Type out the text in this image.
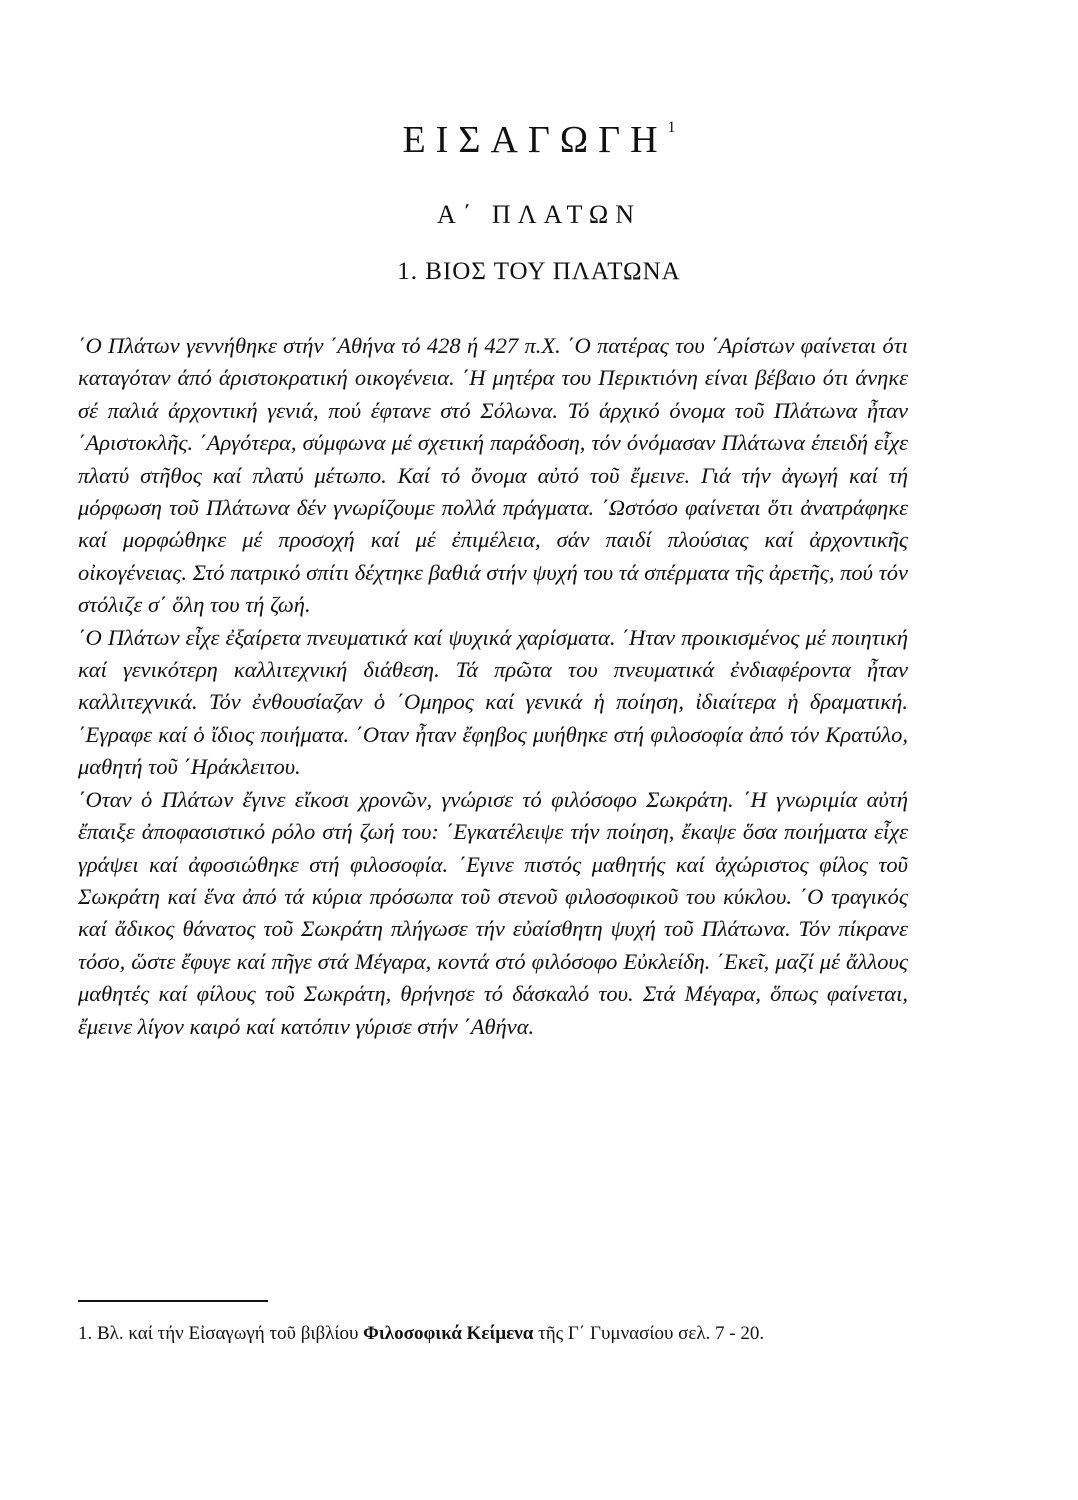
ΕΙΣΑΓΩΓΗ$^1$
Α΄ ΠΛΑΤΩΝ
1. ΒΙΟΣ ΤΟΥ ΠΛΑΤΩΝΑ

΄Ο Πλάτων γεννήθηκε στήν ΄Αθήνα τό 428 ή 427 π.Χ. ΄Ο πατέρας του ΄Αρίστων φαίνεται ότι καταγόταν άπό άριστοκρατική οικογένεια. ΄Η μητέρα του Περικτιόνη είναι βέβαιο ότι άνηκε σέ παλιά άρχοντική γενιά, πού έφτανε στό Σόλωνα. Τό άρχικό όνομα τοῦ Πλάτωνα ἦταν ΄Αριστοκλῆς. ΄Αργότερα, σύμφωνα μέ σχετική παράδοση, τόν όνόμασαν Πλάτωνα έπειδή εἶχε πλατύ στῆθος καί πλατύ μέτωπο. Καί τό ὄνομα αὐτό τοῦ ἔμεινε. Γιά τήν ἀγωγή καί τή μόρφωση τοῦ Πλάτωνα δέν γνωρίζουμε πολλά πράγματα. ΄Ωστόσο φαίνεται ὅτι ἀνατράφηκε καί μορφώθηκε μέ προσοχή καί μέ ἐπιμέλεια, σάν παιδί πλούσιας καί ἀρχοντικῆς οἰκογένειας. Στό πατρικό σπίτι δέχτηκε βαθιά στήν ψυχή του τά σπέρματα τῆς ἀρετῆς, πού τόν στόλιζε σ΄ ὅλη του τή ζωή.

΄Ο Πλάτων εἶχε ἐξαίρετα πνευματικά καί ψυχικά χαρίσματα. ΄Ηταν προικισμένος μέ ποιητική καί γενικότερη καλλιτεχνική διάθεση. Τά πρῶτα του πνευματικά ἐνδιαφέροντα ἦταν καλλιτεχνικά. Τόν ἐνθουσίαζαν ὁ ΄Ομηρος καί γενικά ἡ ποίηση, ἰδιαίτερα ἡ δραματική. ΄Εγραφε καί ὁ ἴδιος ποιήματα. ΄Οταν ἦταν ἔφηβος μυήθηκε στή φιλοσοφία ἀπό τόν Κρατύλο, μαθητή τοῦ ΄Ηράκλειτου.

΄Οταν ὁ Πλάτων ἔγινε εἴκοσι χρονῶν, γνώρισε τό φιλόσοφο Σωκράτη. ΄Η γνωριμία αὐτή ἔπαιξε ἀποφασιστικό ρόλο στή ζωή του: ΄Εγκατέλειψε τήν ποίηση, ἔκαψε ὅσα ποιήματα εἶχε γράψει καί ἀφοσιώθηκε στή φιλοσοφία. ΄Εγινε πιστός μαθητής καί ἀχώριστος φίλος τοῦ Σωκράτη καί ἕνα ἀπό τά κύρια πρόσωπα τοῦ στενοῦ φιλοσοφικοῦ του κύκλου. ΄Ο τραγικός καί ἄδικος θάνατος τοῦ Σωκράτη πλήγωσε τήν εὐαίσθητη ψυχή τοῦ Πλάτωνα. Τόν πίκρανε τόσο, ὥστε ἔφυγε καί πῆγε στά Μέγαρα, κοντά στό φιλόσοφο Εὐκλείδη. ΄Εκεῖ, μαζί μέ ἄλλους μαθητές καί φίλους τοῦ Σωκράτη, θρήνησε τό δάσκαλό του. Στά Μέγαρα, ὅπως φαίνεται, ἔμεινε λίγον καιρό καί κατόπιν γύρισε στήν ΄Αθήνα.

1. Βλ. καί τήν Εἰσαγωγή τοῦ βιβλίου Φιλοσοφικά Κείμενα τῆς Γ΄ Γυμνασίου σελ. 7 - 20.
